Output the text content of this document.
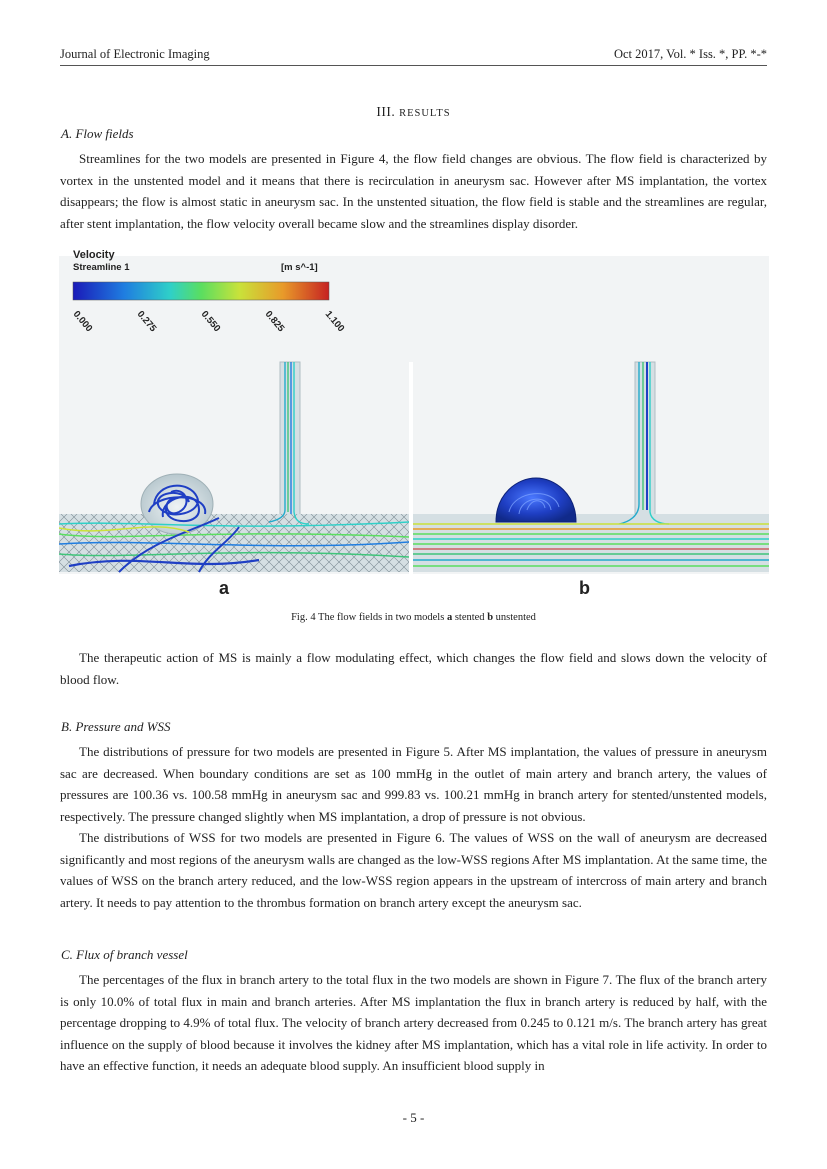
Journal of Electronic Imaging	Oct 2017, Vol. * Iss. *, PP. *-*
III. RESULTS
A. Flow fields

Streamlines for the two models are presented in Figure 4, the flow field changes are obvious. The flow field is characterized by vortex in the unstented model and it means that there is recirculation in aneurysm sac. However after MS implantation, the vortex disappears; the flow is almost static in aneurysm sac. In the unstented situation, the flow field is stable and the streamlines are regular, after stent implantation, the flow velocity overall became slow and the streamlines display disorder.

Velocity
Streamline 1	[m s^-1]
0.000	0.275	0.550	0.825	1.100
a	b
Fig. 4 The flow fields in two models a stented b unstented

The therapeutic action of MS is mainly a flow modulating effect, which changes the flow field and slows down the velocity of blood flow.

B. Pressure and WSS

The distributions of pressure for two models are presented in Figure 5. After MS implantation, the values of pressure in aneurysm sac are decreased. When boundary conditions are set as 100 mmHg in the outlet of main artery and branch artery, the values of pressures are 100.36 vs. 100.58 mmHg in aneurysm sac and 999.83 vs. 100.21 mmHg in branch artery for stented/unstented models, respectively. The pressure changed slightly when MS implantation, a drop of pressure is not obvious.

The distributions of WSS for two models are presented in Figure 6. The values of WSS on the wall of aneurysm are decreased significantly and most regions of the aneurysm walls are changed as the low-WSS regions After MS implantation. At the same time, the values of WSS on the branch artery reduced, and the low-WSS region appears in the upstream of intercross of main artery and branch artery. It needs to pay attention to the thrombus formation on branch artery except the aneurysm sac.

C. Flux of branch vessel

The percentages of the flux in branch artery to the total flux in the two models are shown in Figure 7. The flux of the branch artery is only 10.0% of total flux in main and branch arteries. After MS implantation the flux in branch artery is reduced by half, with the percentage dropping to 4.9% of total flux. The velocity of branch artery decreased from 0.245 to 0.121 m/s. The branch artery has great influence on the supply of blood because it involves the kidney after MS implantation, which has a vital role in life activity. In order to have an effective function, it needs an adequate blood supply. An insufficient blood supply in

- 5 -
